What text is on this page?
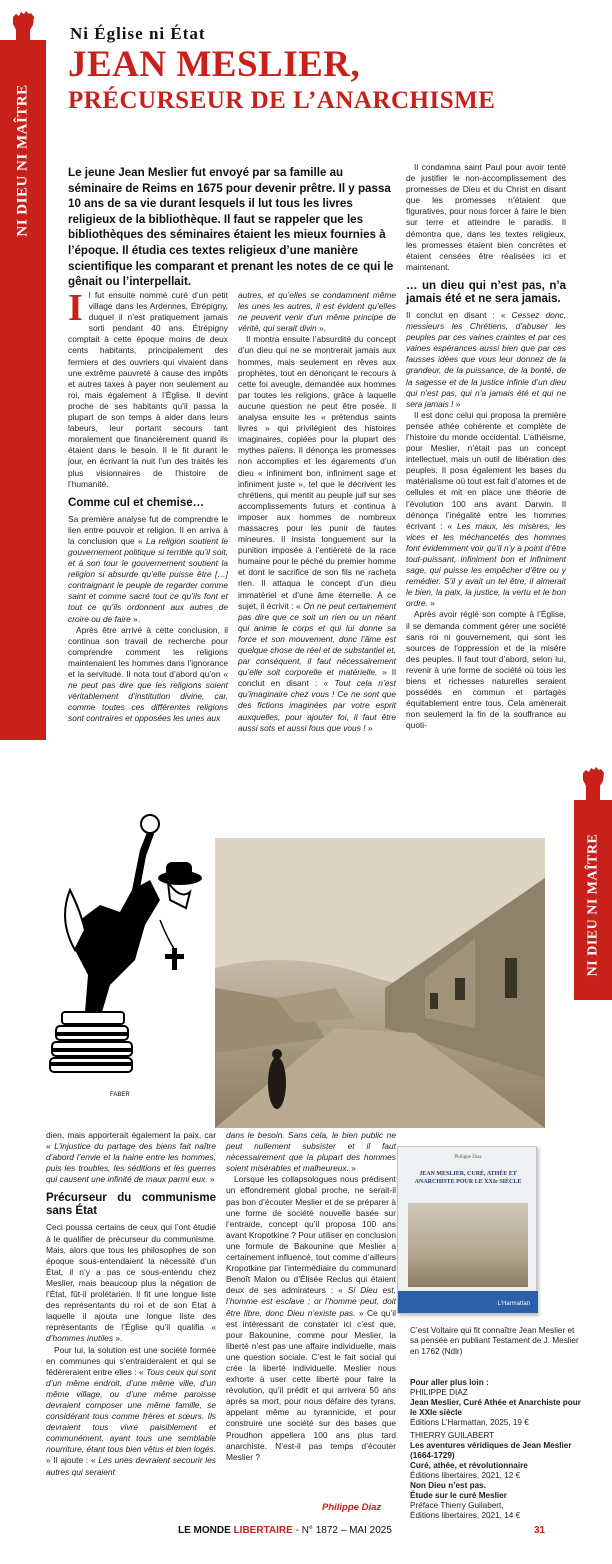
NI DIEU NI MAÎTRE
NI DIEU NI MAÎTRE
Ni Église ni État
JEAN MESLIER,
PRÉCURSEUR DE L’ANARCHISME
Le jeune Jean Meslier fut envoyé par sa famille au séminaire de Reims en 1675 pour devenir prêtre. Il y passa 10 ans de sa vie durant lesquels il lut tous les livres religieux de la bibliothèque. Il faut se rappeler que les bibliothèques des séminaires étaient les mieux fournies à l’époque. Il étudia ces textes religieux d’une manière scientifique les comparant et prenant les notes de ce qui le gênait ou l’interpellait.

Il fut ensuite nommé curé d’un petit village dans les Ardennes, Étrépigny, duquel il n’est pratiquement jamais sorti pendant 40 ans. Étrépigny comptait à cette époque moins de deux cents habitants, principalement des fermiers et des ouvriers qui vivaient dans une extrême pauvreté à cause des impôts et autres taxes à payer non seulement au roi, mais également à l’Église. Il devint proche de ses habitants qu’il passa la plupart de son temps à aider dans leurs labeurs, leur portant secours tant moralement que financièrement quand ils étaient dans le besoin. Il le fit durant le jour, en écrivant la nuit l’un des traités les plus visionnaires de l’histoire de l’humanité.

Comme cul et chemise…

Sa première analyse fut de comprendre le lien entre pouvoir et religion. Il en arriva à la conclusion que « La religion soutient le gouvernement politique si terrible qu’il soit, et à son tour le gouvernement soutient la religion si absurde qu’elle puisse être […] contraignant le peuple de regarder comme saint et comme sacré tout ce qu’ils font et tout ce qu’ils ordonnent aux autres de croire ou de faire ».

Après être arrivé à cette conclusion, il continua son travail de recherche pour comprendre comment les religions maintenaient les hommes dans l’ignorance et la servitude. Il nota tout d’abord qu’on « ne peut pas dire que les religions soient véritablement d’institution divine, car, comme toutes ces différentes religions sont contraires et opposées les unes aux

autres, et qu’elles se condamnent même les unes les autres, il est évident qu’elles ne peuvent venir d’un même principe de vérité, qui serait divin ».

Il montra ensuite l’absurdité du concept d’un dieu qui ne se montrerait jamais aux hommes, mais seulement en rêves aux prophètes, tout en dénonçant le recours à cette foi aveugle, demandée aux hommes par toutes les religions, grâce à laquelle aucune question ne peut être posée. Il analysa ensuite les « prétendus saints livres » qui privilégient des histoires imaginaires, copiées pour la plupart des mythes païens. Il dénonça les promesses non accomplies et les égarements d’un dieu « infiniment bon, infiniment sage et infiniment juste », tel que le décrivent les chrétiens, qui mentit au peuple juif sur ses accomplissements futurs et continua à imposer aux hommes de nombreux massacres pour les punir de fautes mineures. Il insista longuement sur la punition imposée à l’entièreté de la race humaine pour le péché du premier homme et dont le sacrifice de son fils ne racheta rien. Il attaqua le concept d’un dieu immatériel et d’une âme éternelle. À ce sujet, il écrivit : « On ne peut certainement pas dire que ce soit un rien ou un néant qui anime le corps et qui lui donne sa force et son mouvement, donc l’âme est quelque chose de réel et de substantiel et, par conséquent, il faut nécessairement qu’elle soit corporelle et matérielle. » Il conclut en disant : « Tout cela n’est qu’imaginaire chez vous ! Ce ne sont que des fictions imaginées par votre esprit auxquelles, pour ajouter foi, il faut être aussi sots et aussi fous que vous ! »

Il condamna saint Paul pour avoir tenté de justifier le non-accomplissement des promesses de Dieu et du Christ en disant que les promesses n’étaient que figuratives, pour nous forcer à faire le bien sur terre et atteindre le paradis. Il démontra que, dans les textes religieux, les promesses étaient bien concrètes et étaient censées être réalisées ici et maintenant.

… un dieu qui n’est pas, n’a jamais été et ne sera jamais.

Il conclut en disant : « Cessez donc, messieurs les Chrétiens, d’abuser les peuples par ces vaines craintes et par ces vaines espérances aussi bien que par ces fausses idées que vous leur donnez de la grandeur, de la puissance, de la bonté, de la sagesse et de la justice infinie d’un dieu qui n’est pas, qui n’a jamais été et qui ne sera jamais ! »

Il est donc celui qui proposa la première pensée athée cohérente et complète de l’histoire du monde occidental. L’athéisme, pour Meslier, n’était pas un concept intellectuel, mais un outil de libération des peuples. Il posa également les bases du matérialisme où tout est fait d’atomes et de cellules et mit en place une théorie de l’évolution 100 ans avant Darwin. Il dénonça l’inégalité entre les hommes écrivant : « Les maux, les misères, les vices et les méchancetés des hommes font évidemment voir qu’il n’y a point d’être tout-puissant, infiniment bon et infiniment sage, qui puisse les empêcher d’être ou y remédier. S’il y avait un tel être, il aimerait le bien, la paix, la justice, la vertu et le bon ordre. »

Après avoir réglé son compte à l’Église, il se demanda comment gérer une société sans roi ni gouvernement, qui sont les sources de l’oppression et de la misère des peuples. Il faut tout d’abord, selon lui, revenir à une forme de société où tous les biens et richesses naturelles seraient possédés en commun et partagés équitablement entre tous. Cela amènerait non seulement la fin de la souffrance au quoti-

FABER

dien, mais apporterait également la paix, car « L’injustice du partage des biens fait naître d’abord l’envie et la haine entre les hommes, puis les troubles, les séditions et les guerres qui causent une infinité de maux parmi eux. »

Précurseur du communisme sans État

Ceci poussa certains de ceux qui l’ont étudié à le qualifier de précurseur du communisme. Mais, alors que tous les philosophes de son époque sous-entendaient la nécessité d’un État, il n’y a pas ce sous-entendu chez Meslier, mais beaucoup plus la négation de l’État, fût-il prolétarien. Il fit une longue liste des représentants du roi et de son État à laquelle il ajouta une longue liste des représentants de l’Église qu’il qualifia « d’hommes inutiles ».

Pour lui, la solution est une société formée en communes qui s’entraideraient et qui se fédéreraient entre elles : « Tous ceux qui sont d’un même endroit, d’une même ville, d’un même village, ou d’une même paroisse devraient composer une même famille, se considérant tous comme frères et sœurs. Ils devraient tous vivre paisiblement et communément, ayant tous une semblable nourriture, étant tous bien vêtus et bien logés. » Il ajoute : « Les unes devraient secourir les autres qui seraient

dans le besoin. Sans cela, le bien public ne peut nullement subsister et il faut nécessairement que la plupart des hommes soient misérables et malheureux. »

Lorsque les collapsologues nous prédisent un effondrement global proche, ne serait-il pas bon d’écouter Meslier et de se préparer à une forme de société nouvelle basée sur l’entraide, concept qu’il proposa 100 ans avant Kropotkine ? Pour utiliser en conclusion une formule de Bakounine que Meslier a certainement influencé, tout comme d’ailleurs Kropotkine par l’intermédiaire du communard Benoît Malon ou d’Élisée Reclus qui étaient deux de ses admirateurs : « Si Dieu est, l’homme est esclave ; or l’homme peut, doit être libre, donc Dieu n’existe pas. » Ce qu’il est intéressant de constater ici c’est que, pour Bakounine, comme pour Meslier, la liberté n’est pas une affaire individuelle, mais une question sociale. C’est le fait social qui crée la liberté individuelle. Meslier nous exhorte à user cette liberté pour faire la révolution, qu’il prédit et qui arrivera 50 ans après sa mort, pour nous défaire des tyrans, appelant même au tyrannicide, et pour construire une société sur des bases que Proudhon appellera 100 ans plus tard anarchiste. N’est-il pas temps d’écouter Meslier ?

Philippe Diaz
Philippe Diaz
JEAN MESLIER, CURÉ, ATHÉE ET ANARCHISTE POUR LE XXIe SIÈCLE
L’Harmattan
C’est Voltaire qui fit connaître Jean Meslier et sa pensée en publiant Testament de J. Meslier en 1762 (Ndlr)
Pour aller plus loin :
PHILIPPE DIAZ
Jean Meslier, Curé Athée et Anarchiste pour le XXIe siècle
Éditions L’Harmattan, 2025, 19 €
THIERRY GUILABERT
Les aventures véridiques de Jean Meslier (1664-1729)
Curé, athée, et révolutionnaire
Éditions libertaires, 2021, 12 €
Non Dieu n’est pas.
Étude sur le curé Meslier
Préface Thierry Guilabert,
Éditions libertaires, 2021, 14 €
LE MONDE LIBERTAIRE - N° 1872 – MAI 2025	31
